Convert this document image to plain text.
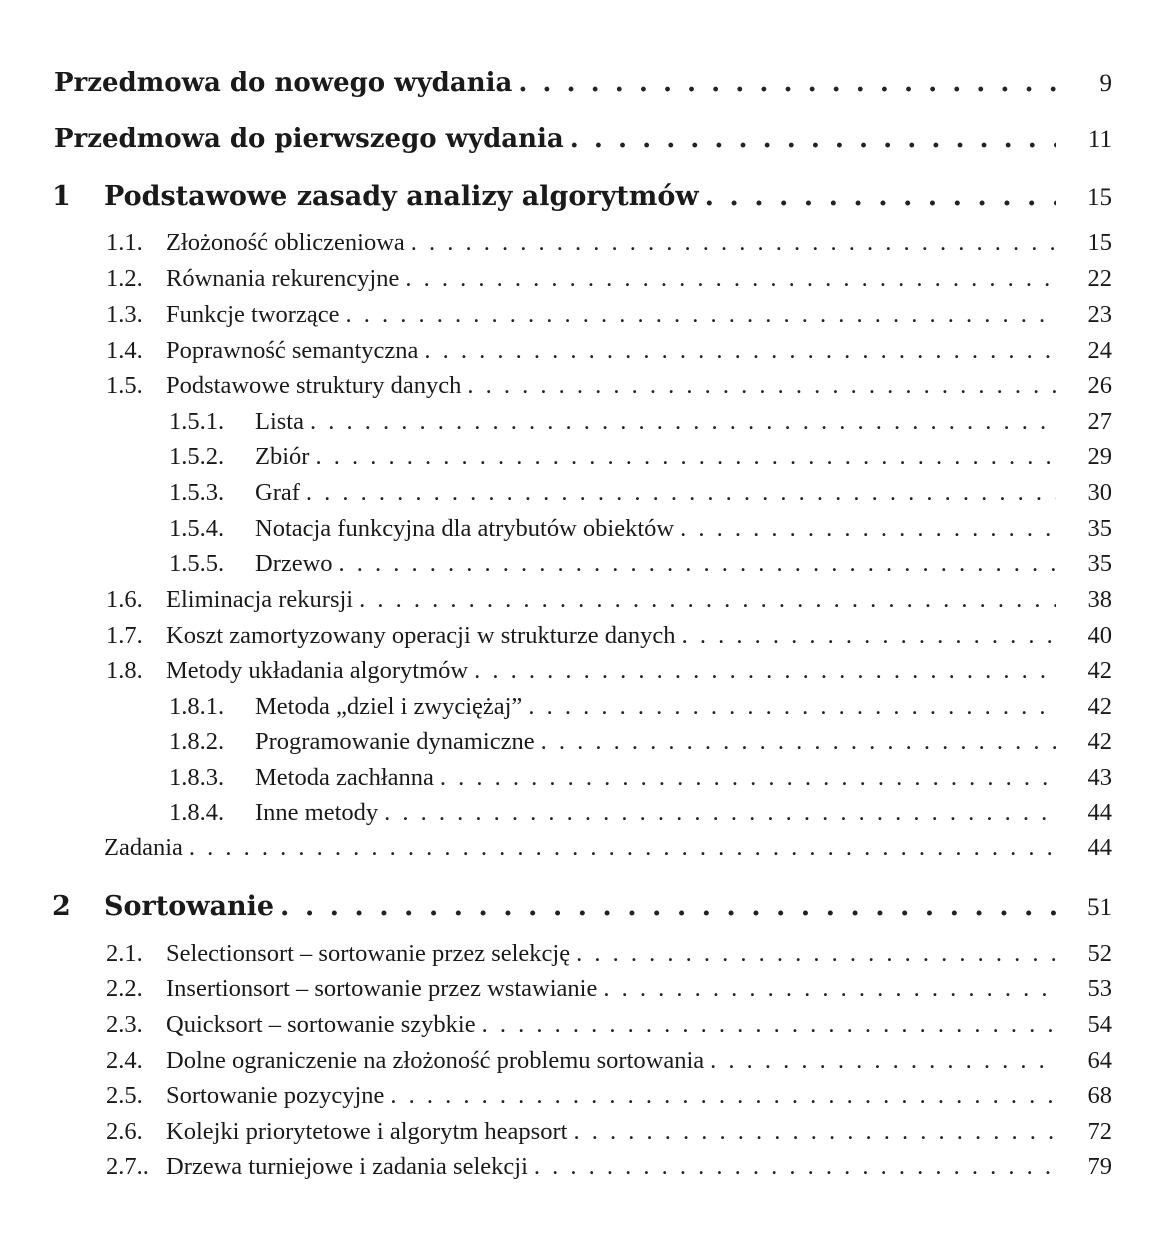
Przedmowa do nowego wydania . . .	9
Przedmowa do pierwszego wydania . . .	11
1	Podstawowe zasady analizy algorytmów . . .	15
1.1. Złożoność obliczeniowa . . .	15
1.2. Równania rekurencyjne . . .	22
1.3. Funkcje tworzące . . .	23
1.4. Poprawność semantyczna . . .	24
1.5. Podstawowe struktury danych . . .	26
1.5.1.	Lista . . .	27
1.5.2.	Zbiór . . .	29
1.5.3.	Graf . . .	30
1.5.4.	Notacja funkcyjna dla atrybutów obiektów . . .	35
1.5.5.	Drzewo . . .	35
1.6. Eliminacja rekursji . . .	38
1.7. Koszt zamortyzowany operacji w strukturze danych . . .	40
1.8. Metody układania algorytmów . . .	42
1.8.1.	Metoda „dziel i zwyciężaj” . . .	42
1.8.2.	Programowanie dynamiczne . . .	42
1.8.3.	Metoda zachłanna . . .	43
1.8.4.	Inne metody . . .	44
Zadania . . .	44
2	Sortowanie . . .	51
2.1. Selectionsort – sortowanie przez selekcję . . .	52
2.2. Insertionsort – sortowanie przez wstawianie . . .	53
2.3. Quicksort – sortowanie szybkie . . .	54
2.4. Dolne ograniczenie na złożoność problemu sortowania . . .	64
2.5. Sortowanie pozycyjne . . .	68
2.6. Kolejki priorytetowe i algorytm heapsort . . .	72
2.7.. Drzewa turniejowe i zadania selekcji . . .	79
